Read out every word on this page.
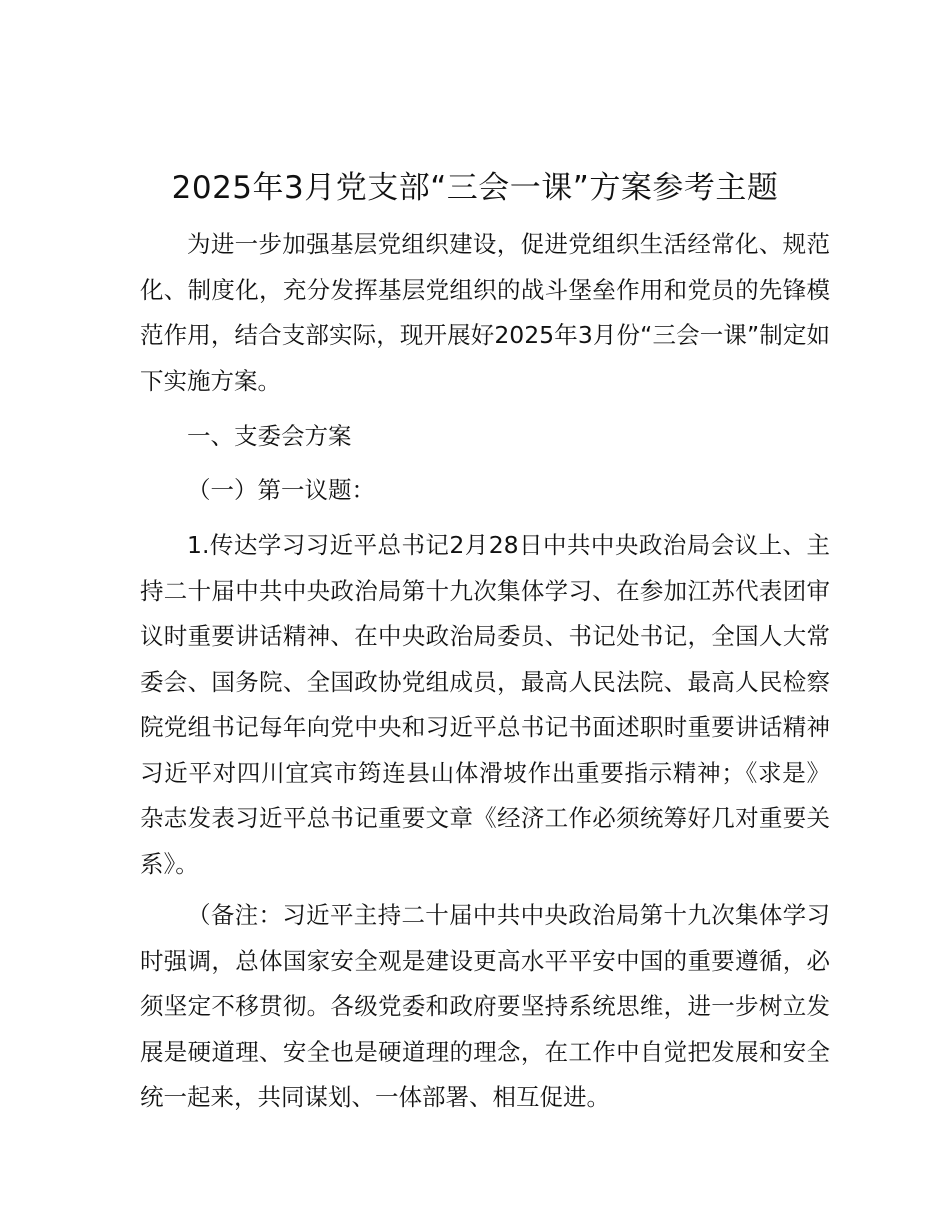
2025年3月党支部“三会一课”方案参考主题

为进一步加强基层党组织建设，促进党组织生活经常化、规范化、制度化，充分发挥基层党组织的战斗堡垒作用和党员的先锋模范作用，结合支部实际，现开展好2025年3月份“三会一课”制定如下实施方案。

一、支委会方案

（一）第一议题：

1.传达学习习近平总书记2月28日中共中央政治局会议上、主持二十届中共中央政治局第十九次集体学习、在参加江苏代表团审议时重要讲话精神、在中央政治局委员、书记处书记，全国人大常委会、国务院、全国政协党组成员，最高人民法院、最高人民检察院党组书记每年向党中央和习近平总书记书面述职时重要讲话精神习近平对四川宜宾市筠连县山体滑坡作出重要指示精神；《求是》杂志发表习近平总书记重要文章《经济工作必须统筹好几对重要关系》。

（备注：习近平主持二十届中共中央政治局第十九次集体学习时强调，总体国家安全观是建设更高水平平安中国的重要遵循，必须坚定不移贯彻。各级党委和政府要坚持系统思维，进一步树立发展是硬道理、安全也是硬道理的理念，在工作中自觉把发展和安全统一起来，共同谋划、一体部署、相互促进。
